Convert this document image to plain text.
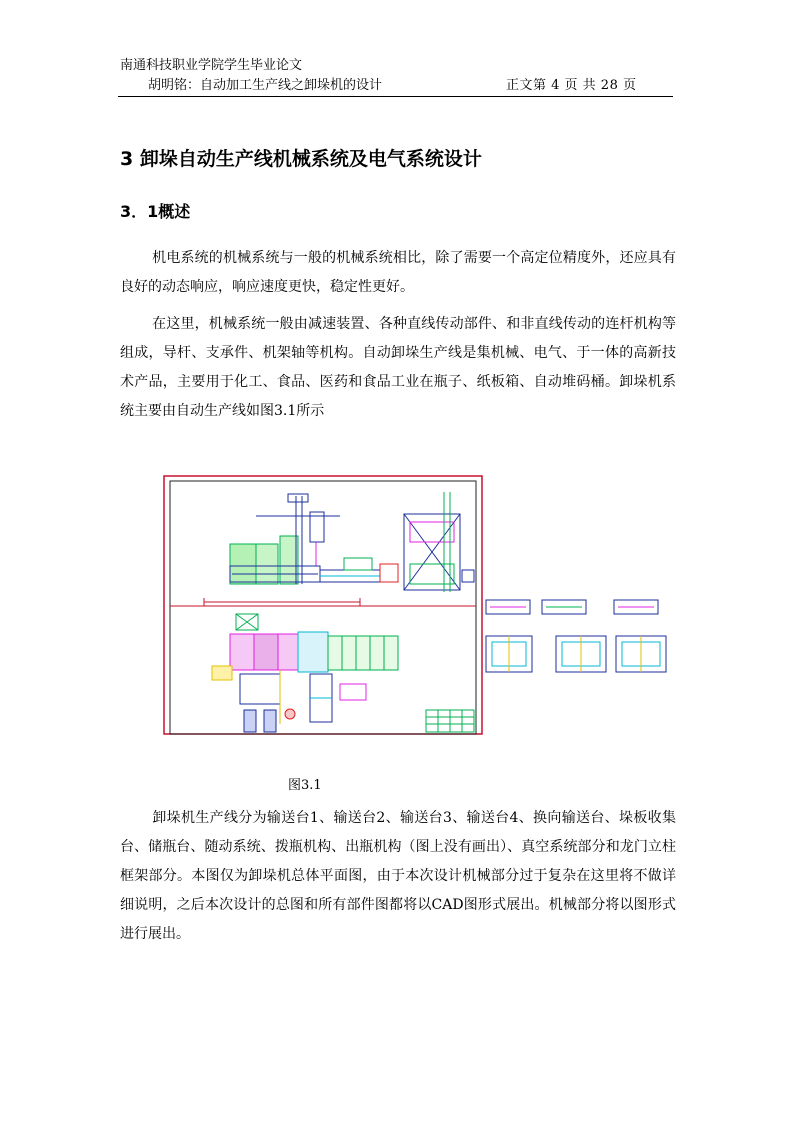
南通科技职业学院学生毕业论文
胡明铭：自动加工生产线之卸垛机的设计	正文第 4 页 共 28 页
3 卸垛自动生产线机械系统及电气系统设计
3．1概述

机电系统的机械系统与一般的机械系统相比，除了需要一个高定位精度外，还应具有良好的动态响应，响应速度更快，稳定性更好。

在这里，机械系统一般由减速装置、各种直线传动部件、和非直线传动的连杆机构等组成，导杆、支承件、机架轴等机构。自动卸垛生产线是集机械、电气、于一体的高新技术产品，主要用于化工、食品、医药和食品工业在瓶子、纸板箱、自动堆码桶。卸垛机系统主要由自动生产线如图3.1所示

图3.1

卸垛机生产线分为输送台1、输送台2、输送台3、输送台4、换向输送台、垛板收集台、储瓶台、随动系统、拨瓶机构、出瓶机构（图上没有画出）、真空系统部分和龙门立柱框架部分。本图仅为卸垛机总体平面图，由于本次设计机械部分过于复杂在这里将不做详细说明，之后本次设计的总图和所有部件图都将以CAD图形式展出。机械部分将以图形式进行展出。
